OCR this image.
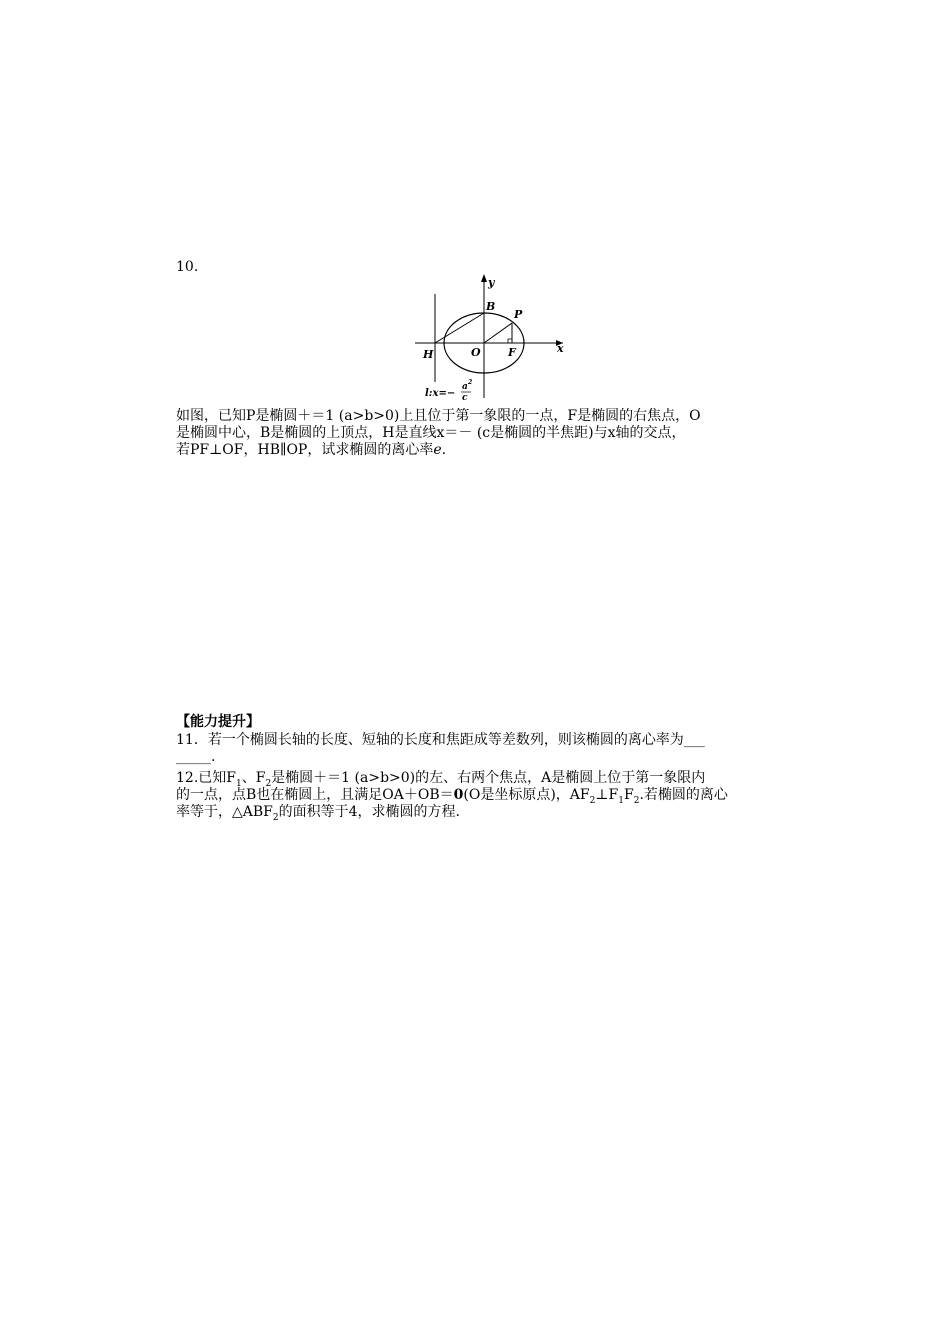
10.
y
B
P
O F
H	x
l:x=−
a 2
c
如图，已知P是椭圆＋＝1 (a>b>0)上且位于第一象限的一点，F是椭圆的右焦点，O
是椭圆中心，B是椭圆的上顶点，H是直线x＝－ (c是椭圆的半焦距)与x轴的交点，
若PF⊥OF，HB∥OP，试求椭圆的离心率e.
【能力提升】
11．若一个椭圆长轴的长度、短轴的长度和焦距成等差数列，则该椭圆的离心率为___
_____.
12.已知$F_1$、$F_2$是椭圆＋＝1 (a>b>0)的左、右两个焦点，A是椭圆上位于第一象限内
的一点，点B也在椭圆上，且满足OA＋OB＝0(O是坐标原点)，$AF_2\perp F_1F_2$.若椭圆的离心
率等于，$\triangle ABF_2$的面积等于4，求椭圆的方程.
